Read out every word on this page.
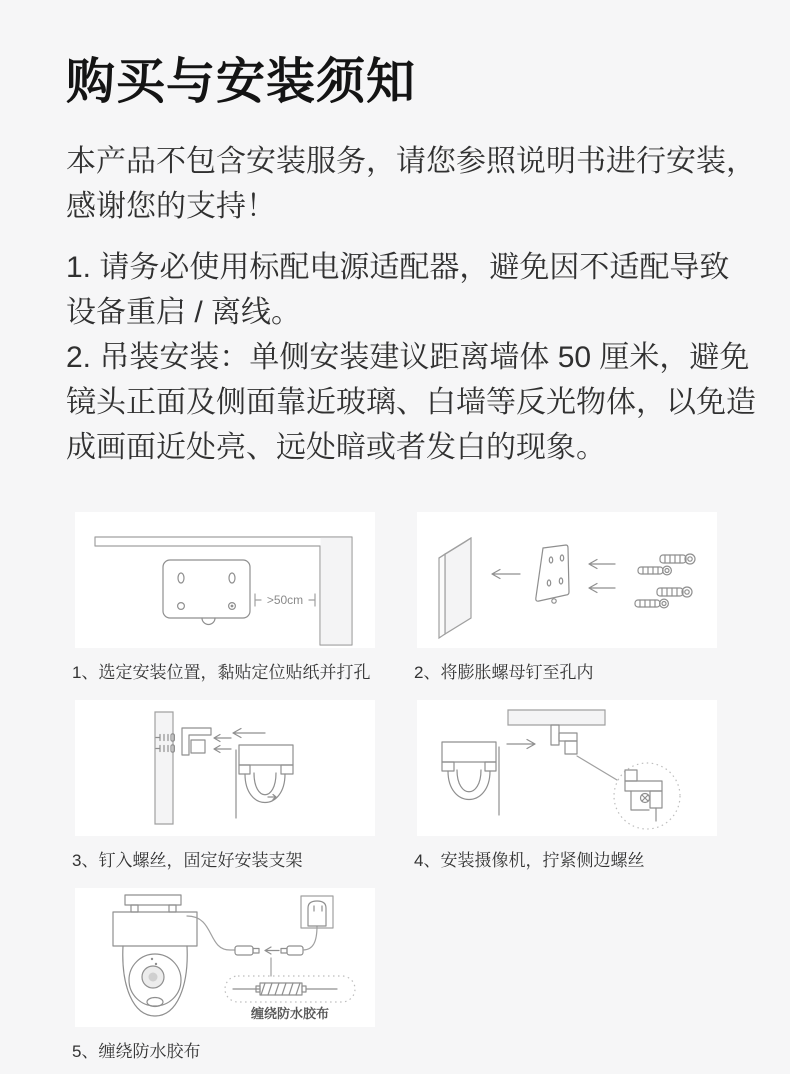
购买与安装须知

本产品不包含安装服务，请您参照说明书进行安装，感谢您的支持！

1. 请务必使用标配电源适配器，避免因不适配导致设备重启 / 离线。

2. 吊装安装：单侧安装建议距离墙体 50 厘米，避免镜头正面及侧面靠近玻璃、白墙等反光物体，以免造成画面近处亮、远处暗或者发白的现象。

>50cm
1、选定安装位置，黏贴定位贴纸并打孔	2、将膨胀螺母钉至孔内
3、钉入螺丝，固定好安装支架	4、安装摄像机，拧紧侧边螺丝
缠绕防水胶布
5、缠绕防水胶布
